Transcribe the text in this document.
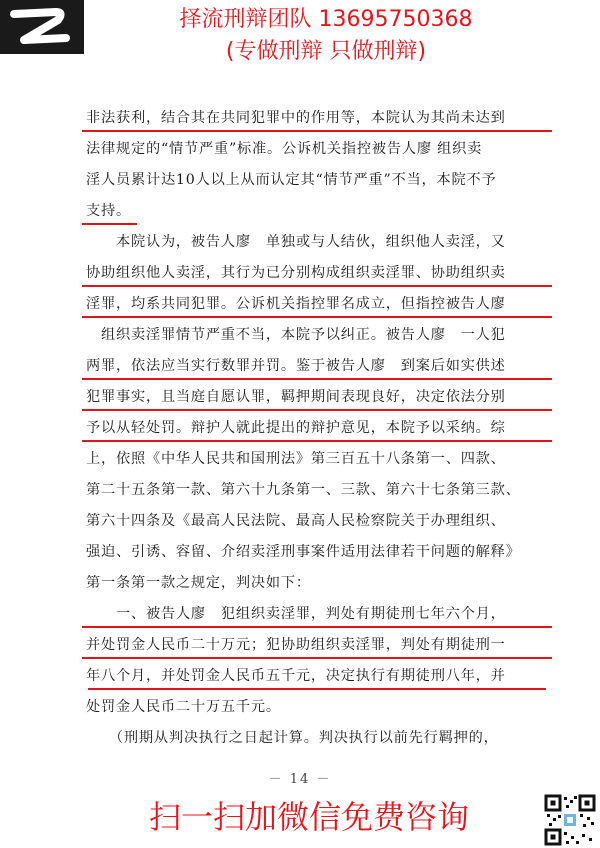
择流刑辩团队 13695750368
(专做刑辩 只做刑辩)
非法获利，结合其在共同犯罪中的作用等，本院认为其尚未达到
法律规定的“情节严重”标准。公诉机关指控被告人廖 组织卖
淫人员累计达10人以上从而认定其“情节严重”不当，本院不予
支持。
　　本院认为，被告人廖　单独或与人结伙，组织他人卖淫，又
协助组织他人卖淫，其行为已分别构成组织卖淫罪、协助组织卖
淫罪，均系共同犯罪。公诉机关指控罪名成立，但指控被告人廖
　组织卖淫罪情节严重不当，本院予以纠正。被告人廖　一人犯
两罪，依法应当实行数罪并罚。鉴于被告人廖　到案后如实供述
犯罪事实，且当庭自愿认罪，羁押期间表现良好，决定依法分别
予以从轻处罚。辩护人就此提出的辩护意见，本院予以采纳。综
上，依照《中华人民共和国刑法》第三百五十八条第一、四款、
第二十五条第一款、第六十九条第一、三款、第六十七条第三款、
第六十四条及《最高人民法院、最高人民检察院关于办理组织、
强迫、引诱、容留、介绍卖淫刑事案件适用法律若干问题的解释》
第一条第一款之规定，判决如下：
　　一、被告人廖　犯组织卖淫罪，判处有期徒刑七年六个月，
并处罚金人民币二十万元；犯协助组织卖淫罪，判处有期徒刑一
年八个月，并处罚金人民币五千元，决定执行有期徒刑八年，并
处罚金人民币二十万五千元。
　　（刑期从判决执行之日起计算。判决执行以前先行羁押的，
－ 14 －
扫一扫加微信免费咨询
